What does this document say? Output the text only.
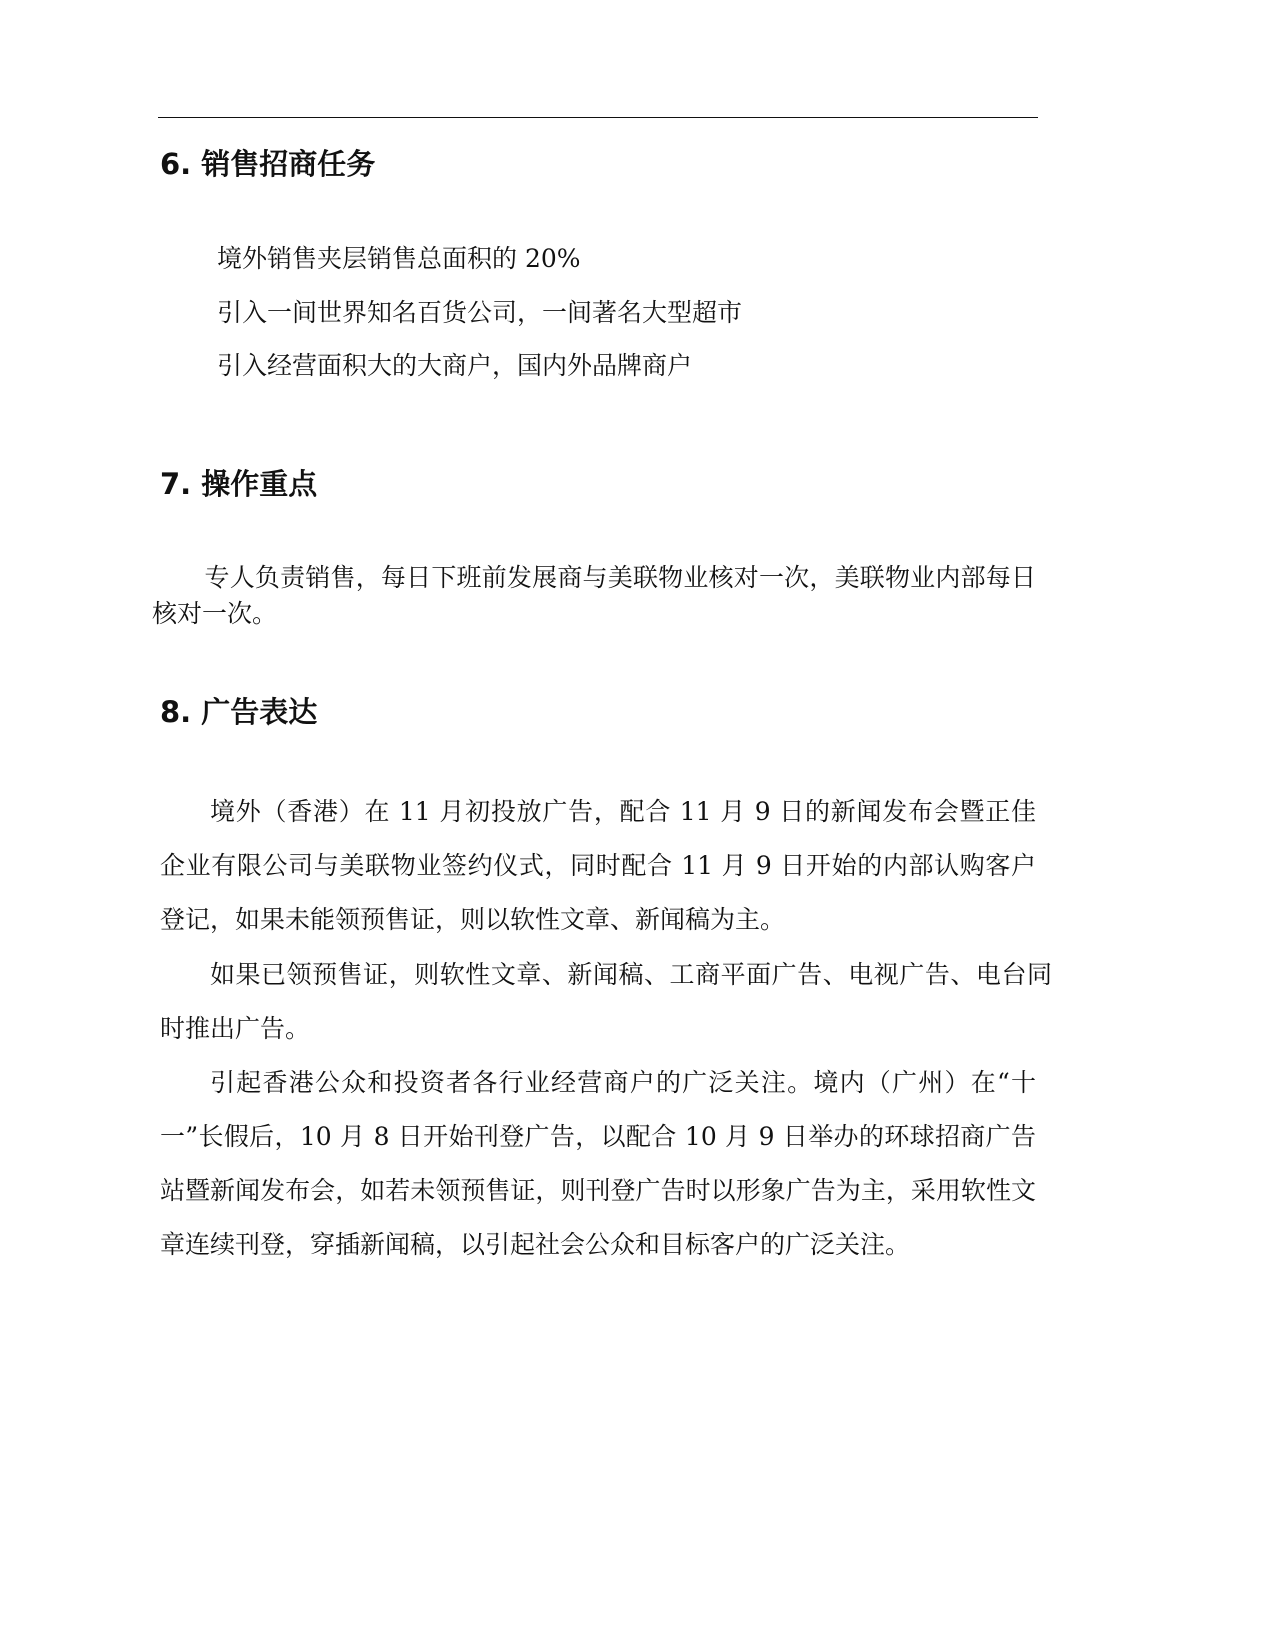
6. 销售招商任务

境外销售夹层销售总面积的 20%

引入一间世界知名百货公司，一间著名大型超市

引入经营面积大的大商户，国内外品牌商户

7. 操作重点

专人负责销售，每日下班前发展商与美联物业核对一次，美联物业内部每日核对一次。

8. 广告表达

境外（香港）在 11 月初投放广告，配合 11 月 9 日的新闻发布会暨正佳企业有限公司与美联物业签约仪式，同时配合 11 月 9 日开始的内部认购客户登记，如果未能领预售证，则以软性文章、新闻稿为主。

如果已领预售证，则软性文章、新闻稿、工商平面广告、电视广告、电台同时推出广告。

引起香港公众和投资者各行业经营商户的广泛关注。境内（广州）在“十一”长假后，10 月 8 日开始刊登广告，以配合 10 月 9 日举办的环球招商广告站暨新闻发布会，如若未领预售证，则刊登广告时以形象广告为主，采用软性文章连续刊登，穿插新闻稿，以引起社会公众和目标客户的广泛关注。
